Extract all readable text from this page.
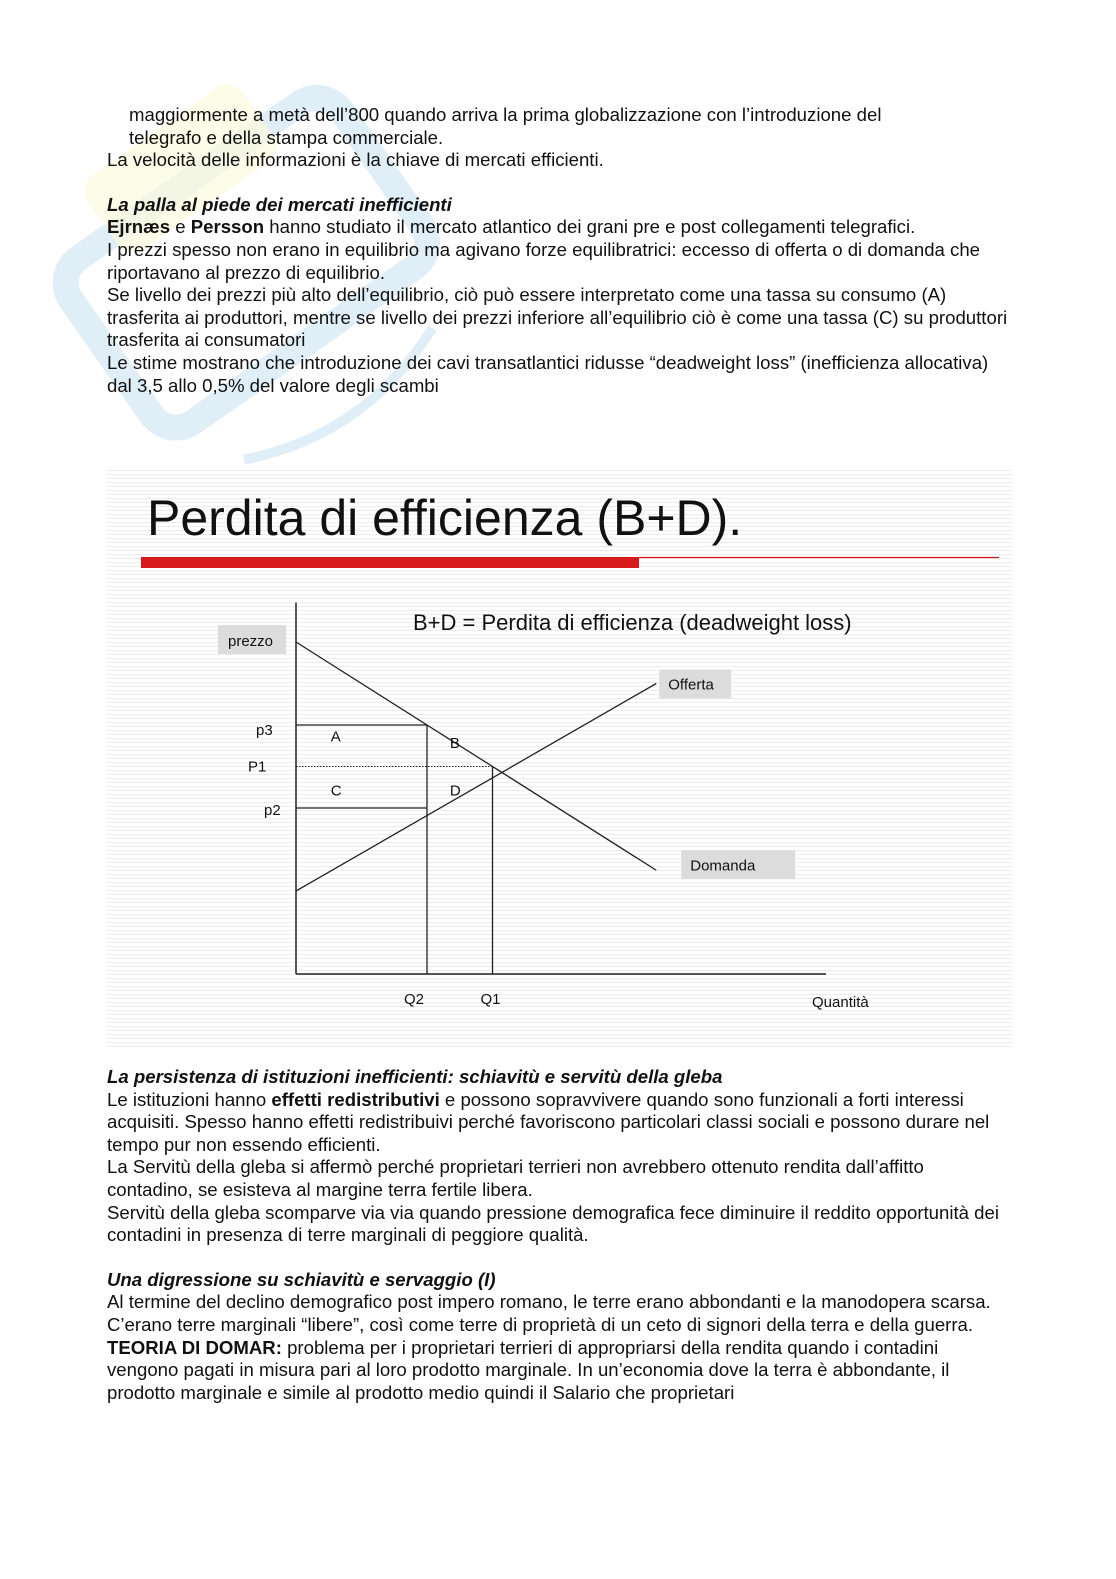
maggiormente a metà dell’800 quando arriva la prima globalizzazione con l’introduzione del

telegrafo e della stampa commerciale.

La velocità delle informazioni è la chiave di mercati efficienti.

La palla al piede dei mercati inefficienti

Ejrnæs e Persson hanno studiato il mercato atlantico dei grani pre e post collegamenti telegrafici.

I prezzi spesso non erano in equilibrio ma agivano forze equilibratrici: eccesso di offerta o di domanda che riportavano al prezzo di equilibrio.

Se livello dei prezzi più alto dell’equilibrio, ciò può essere interpretato come una tassa su consumo (A) trasferita ai produttori, mentre se livello dei prezzi inferiore all’equilibrio ciò è come una tassa (C) su produttori trasferita ai consumatori

Le stime mostrano che introduzione dei cavi transatlantici ridusse “deadweight loss” (inefficienza allocativa) dal 3,5 allo 0,5% del valore degli scambi

Perdita di efficienza (B+D).
B+D = Perdita di efficienza (deadweight loss)
prezzo
Quantità
Offerta
Domanda
p3
P1
p2
Q2	Q1
A	B
C	D

La persistenza di istituzioni inefficienti: schiavitù e servitù della gleba

Le istituzioni hanno effetti redistributivi e possono sopravvivere quando sono funzionali a forti interessi acquisiti. Spesso hanno effetti redistribuivi perché favoriscono particolari classi sociali e possono durare nel tempo pur non essendo efficienti.

La Servitù della gleba si affermò perché proprietari terrieri non avrebbero ottenuto rendita dall’affitto contadino, se esisteva al margine terra fertile libera.

Servitù della gleba scomparve via via quando pressione demografica fece diminuire il reddito opportunità dei contadini in presenza di terre marginali di peggiore qualità.

Una digressione su schiavitù e servaggio (I)

Al termine del declino demografico post impero romano, le terre erano abbondanti e la manodopera scarsa.

C’erano terre marginali “libere”, così come terre di proprietà di un ceto di signori della terra e della guerra.

TEORIA DI DOMAR: problema per i proprietari terrieri di appropriarsi della rendita quando i contadini vengono pagati in misura pari al loro prodotto marginale. In un’economia dove la terra è abbondante, il prodotto marginale e simile al prodotto medio quindi il Salario che proprietari
